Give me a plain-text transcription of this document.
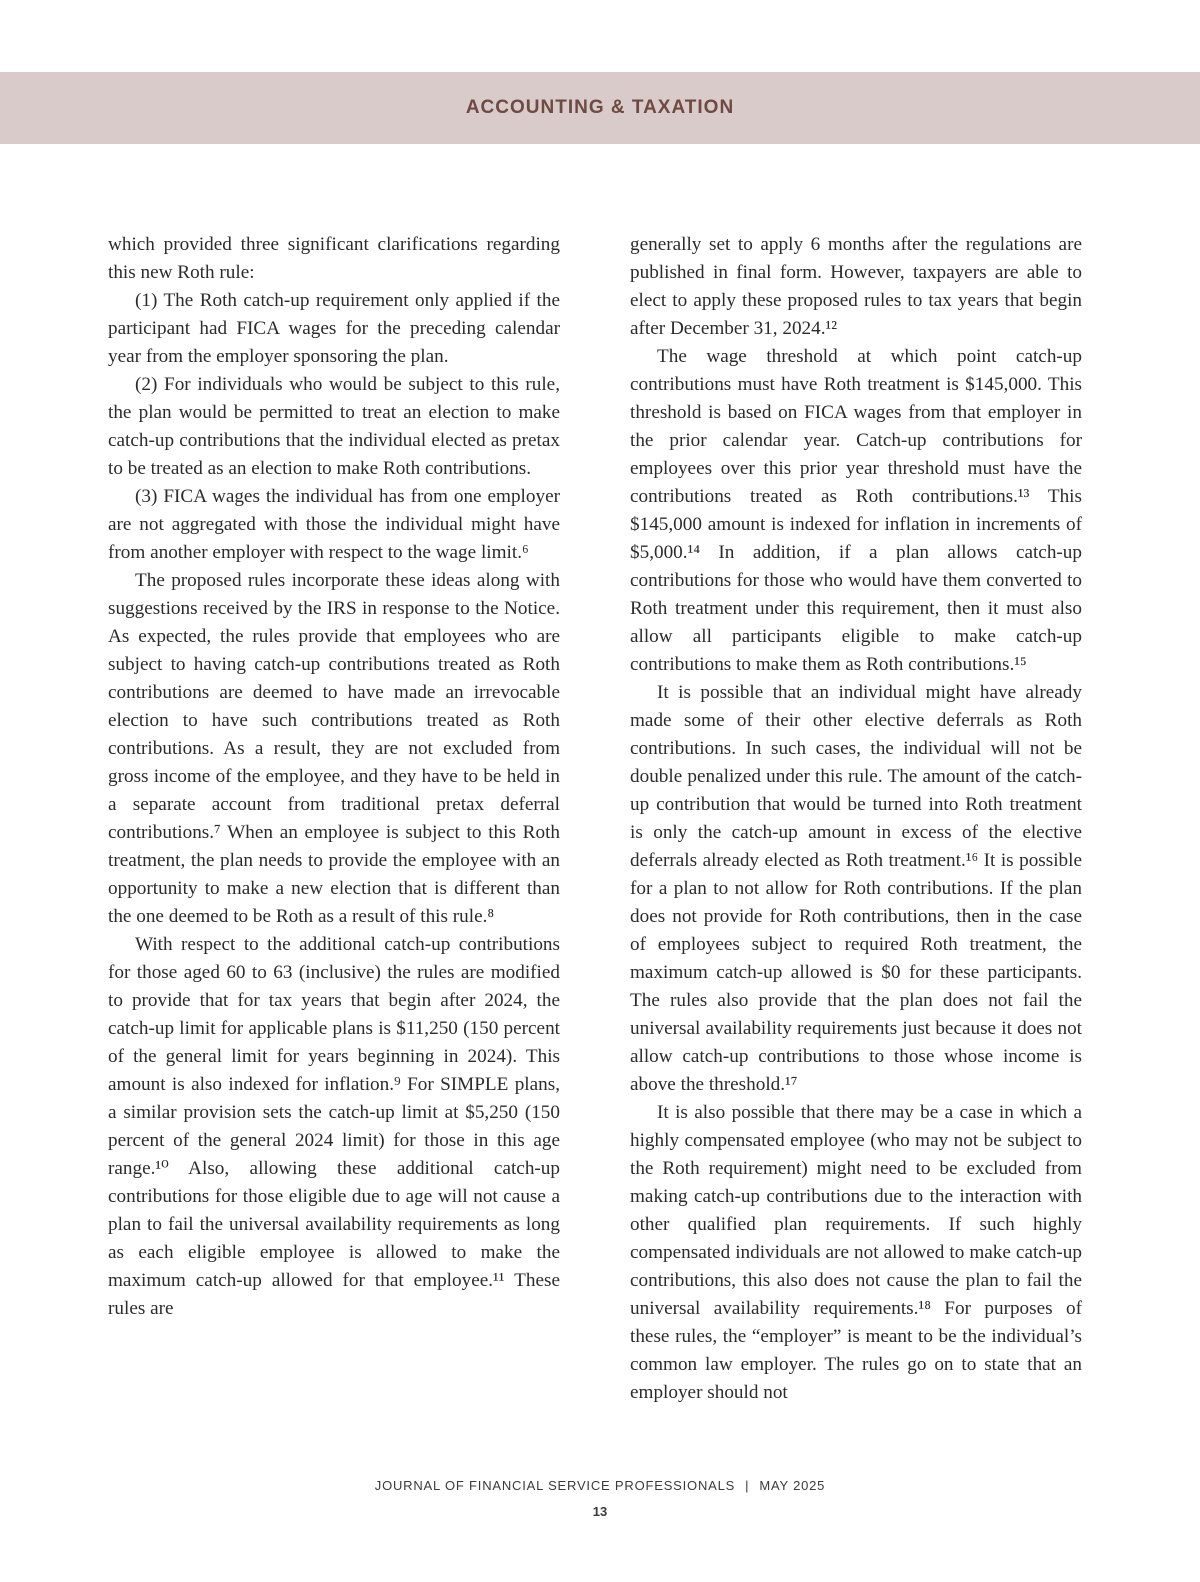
ACCOUNTING & TAXATION

which provided three significant clarifications regarding this new Roth rule:

(1) The Roth catch-up requirement only applied if the participant had FICA wages for the preceding calendar year from the employer sponsoring the plan.

(2) For individuals who would be subject to this rule, the plan would be permitted to treat an election to make catch-up contributions that the individual elected as pretax to be treated as an election to make Roth contributions.

(3) FICA wages the individual has from one employer are not aggregated with those the individual might have from another employer with respect to the wage limit.⁶

The proposed rules incorporate these ideas along with suggestions received by the IRS in response to the Notice. As expected, the rules provide that employees who are subject to having catch-up contributions treated as Roth contributions are deemed to have made an irrevocable election to have such contributions treated as Roth contributions. As a result, they are not excluded from gross income of the employee, and they have to be held in a separate account from traditional pretax deferral contributions.⁷ When an employee is subject to this Roth treatment, the plan needs to provide the employee with an opportunity to make a new election that is different than the one deemed to be Roth as a result of this rule.⁸

With respect to the additional catch-up contributions for those aged 60 to 63 (inclusive) the rules are modified to provide that for tax years that begin after 2024, the catch-up limit for applicable plans is $11,250 (150 percent of the general limit for years beginning in 2024). This amount is also indexed for inflation.⁹ For SIMPLE plans, a similar provision sets the catch-up limit at $5,250 (150 percent of the general 2024 limit) for those in this age range.¹⁰ Also, allowing these additional catch-up contributions for those eligible due to age will not cause a plan to fail the universal availability requirements as long as each eligible employee is allowed to make the maximum catch-up allowed for that employee.¹¹ These rules are

generally set to apply 6 months after the regulations are published in final form. However, taxpayers are able to elect to apply these proposed rules to tax years that begin after December 31, 2024.¹²

The wage threshold at which point catch-up contributions must have Roth treatment is $145,000. This threshold is based on FICA wages from that employer in the prior calendar year. Catch-up contributions for employees over this prior year threshold must have the contributions treated as Roth contributions.¹³ This $145,000 amount is indexed for inflation in increments of $5,000.¹⁴ In addition, if a plan allows catch-up contributions for those who would have them converted to Roth treatment under this requirement, then it must also allow all participants eligible to make catch-up contributions to make them as Roth contributions.¹⁵

It is possible that an individual might have already made some of their other elective deferrals as Roth contributions. In such cases, the individual will not be double penalized under this rule. The amount of the catch-up contribution that would be turned into Roth treatment is only the catch-up amount in excess of the elective deferrals already elected as Roth treatment.¹⁶ It is possible for a plan to not allow for Roth contributions. If the plan does not provide for Roth contributions, then in the case of employees subject to required Roth treatment, the maximum catch-up allowed is $0 for these participants. The rules also provide that the plan does not fail the universal availability requirements just because it does not allow catch-up contributions to those whose income is above the threshold.¹⁷

It is also possible that there may be a case in which a highly compensated employee (who may not be subject to the Roth requirement) might need to be excluded from making catch-up contributions due to the interaction with other qualified plan requirements. If such highly compensated individuals are not allowed to make catch-up contributions, this also does not cause the plan to fail the universal availability requirements.¹⁸ For purposes of these rules, the “employer” is meant to be the individual’s common law employer. The rules go on to state that an employer should not

JOURNAL OF FINANCIAL SERVICE PROFESSIONALS | MAY 2025
13
